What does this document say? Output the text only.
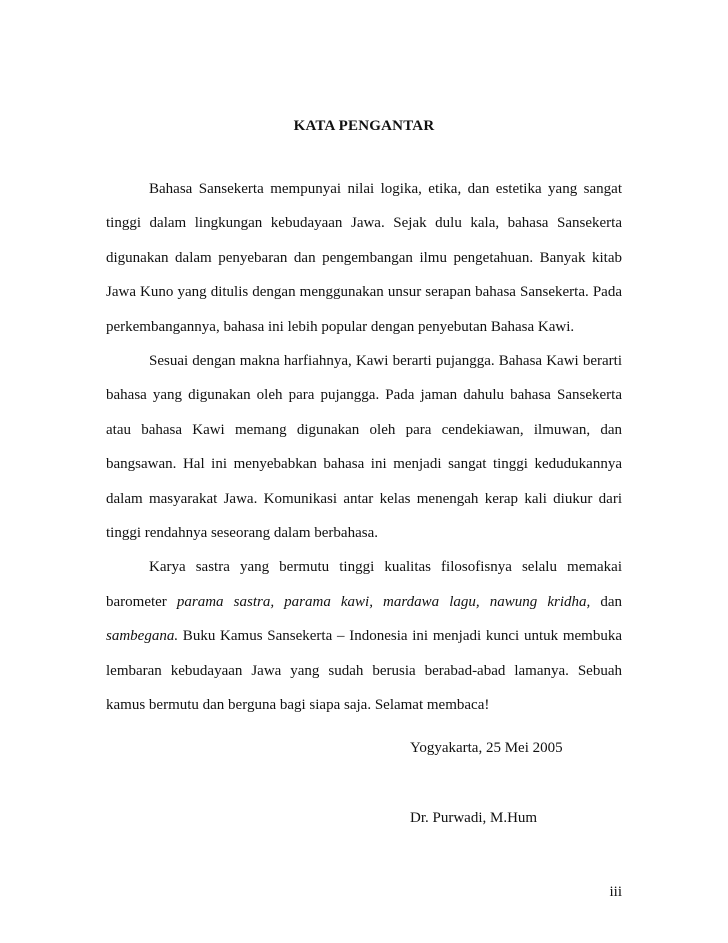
KATA PENGANTAR

Bahasa Sansekerta mempunyai nilai logika, etika, dan estetika yang sangat tinggi dalam lingkungan kebudayaan Jawa. Sejak dulu kala, bahasa Sansekerta digunakan dalam penyebaran dan pengembangan ilmu pengetahuan. Banyak kitab Jawa Kuno yang ditulis dengan menggunakan unsur serapan bahasa Sansekerta. Pada perkembangannya, bahasa ini lebih popular dengan penyebutan Bahasa Kawi.

Sesuai dengan makna harfiahnya, Kawi berarti pujangga. Bahasa Kawi berarti bahasa yang digunakan oleh para pujangga. Pada jaman dahulu bahasa Sansekerta atau bahasa Kawi memang digunakan oleh para cendekiawan, ilmuwan, dan bangsawan. Hal ini menyebabkan bahasa ini menjadi sangat tinggi kedudukannya dalam masyarakat Jawa. Komunikasi antar kelas menengah kerap kali diukur dari tinggi rendahnya seseorang dalam berbahasa.

Karya sastra yang bermutu tinggi kualitas filosofisnya selalu memakai barometer parama sastra, parama kawi, mardawa lagu, nawung kridha, dan sambegana. Buku Kamus Sansekerta – Indonesia ini menjadi kunci untuk membuka lembaran kebudayaan Jawa yang sudah berusia berabad-abad lamanya. Sebuah kamus bermutu dan berguna bagi siapa saja. Selamat membaca!

Yogyakarta, 25 Mei 2005
Dr. Purwadi, M.Hum
iii
